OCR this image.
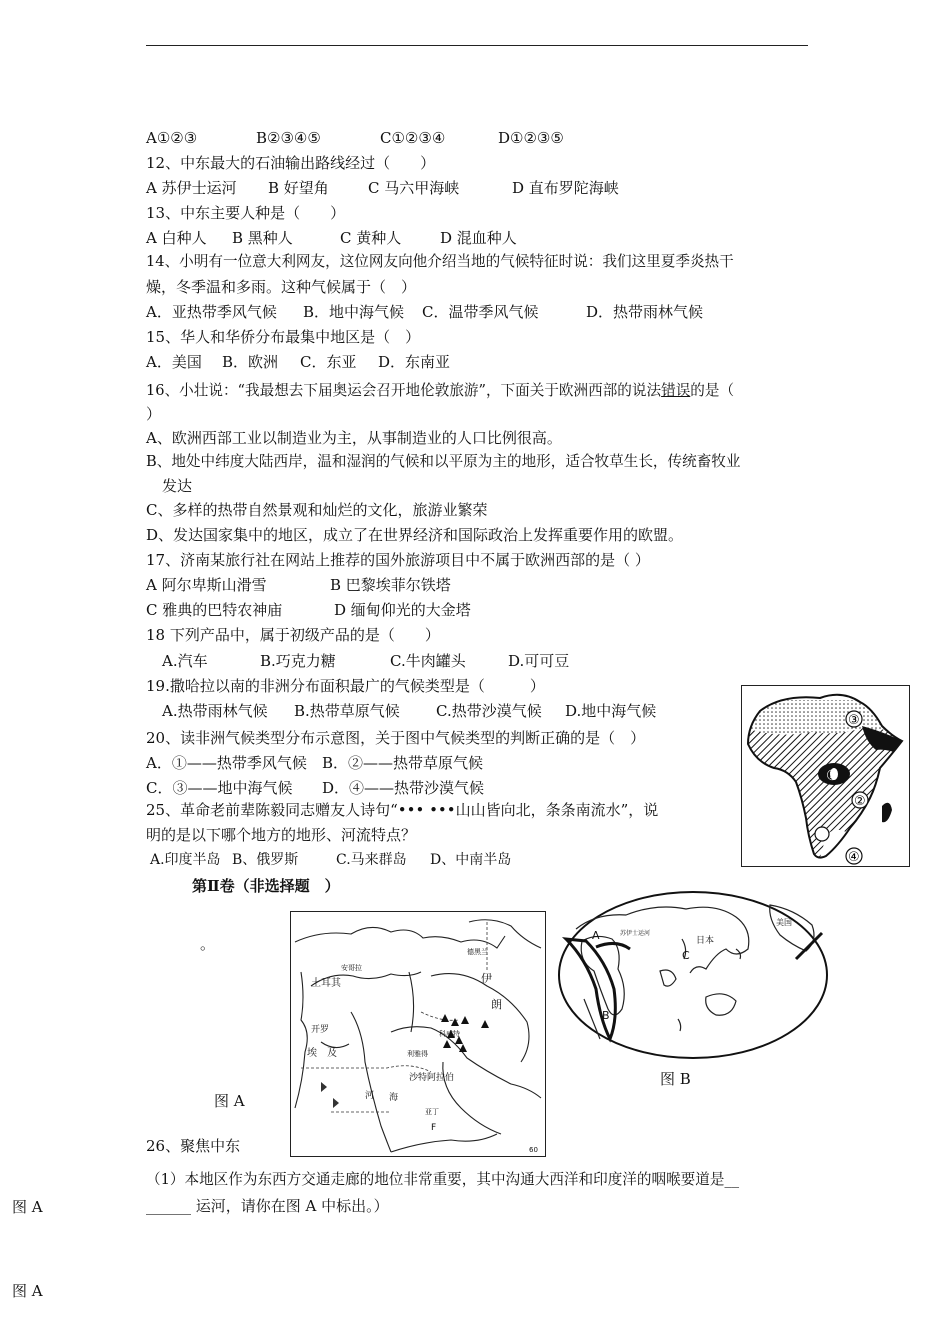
A①②③	B②③④⑤	C①②③④	D①②③⑤
12、中东最大的石油输出路线经过（　　）
A 苏伊士运河 B 好望角	C 马六甲海峡	D 直布罗陀海峡
13、中东主要人种是（　　）
A 白种人 B 黑种人	C 黄种人	D 混血种人
14、小明有一位意大利网友，这位网友向他介绍当地的气候特征时说：我们这里夏季炎热干
燥，冬季温和多雨。这种气候属于（　）
A．亚热带季风气候 B．地中海气候 C．温带季风气候	D．热带雨林气候
15、华人和华侨分布最集中地区是（　）
A．美国 B．欧洲 C．东亚 D．东南亚
16、小壮说：“我最想去下届奥运会召开地伦敦旅游”，下面关于欧洲西部的说法错误的是（
）
A、欧洲西部工业以制造业为主，从事制造业的人口比例很高。
B、地处中纬度大陆西岸，温和湿润的气候和以平原为主的地形，适合牧草生长，传统畜牧业
发达
C、多样的热带自然景观和灿烂的文化，旅游业繁荣
D、发达国家集中的地区，成立了在世界经济和国际政治上发挥重要作用的欧盟。
17、济南某旅行社在网站上推荐的国外旅游项目中不属于欧洲西部的是（ ）
A 阿尔卑斯山滑雪	B 巴黎埃菲尔铁塔
C 雅典的巴特农神庙	D 缅甸仰光的大金塔
18 下列产品中，属于初级产品的是（　　）
A.汽车	B.巧克力糖	C.牛肉罐头	D.可可豆
19.撒哈拉以南的非洲分布面积最广的气候类型是（　　　）
A.热带雨林气候 B.热带草原气候 C.热带沙漠气候 D.地中海气候
20、读非洲气候类型分布示意图，关于图中气候类型的判断正确的是（　）
A．①——热带季风气候 B．②——热带草原气候
C．③——地中海气候 D．④——热带沙漠气候
③
②
①
④
25、革命老前辈陈毅同志赠友人诗句“••• •••山山皆向北，条条南流水”，说
明的是以下哪个地方的地形、河流特点？
A.印度半岛 B、俄罗斯	C.马来群岛 D、中南半岛
第Ⅱ卷（非选择题　）
。
土耳其
安哥拉
德黑兰
伊
朗
开罗
埃 及	利雅得
沙特阿拉伯
科威特
亚丁
F
河 海
60
图 A
A
B
C
日本
美国
苏伊士运河
图 B
26、聚焦中东
（1）本地区作为东西方交通走廊的地位非常重要，其中沟通大西洋和印度洋的咽喉要道是__
______ 运河，请你在图 A 中标出。）
图 A
图 A
